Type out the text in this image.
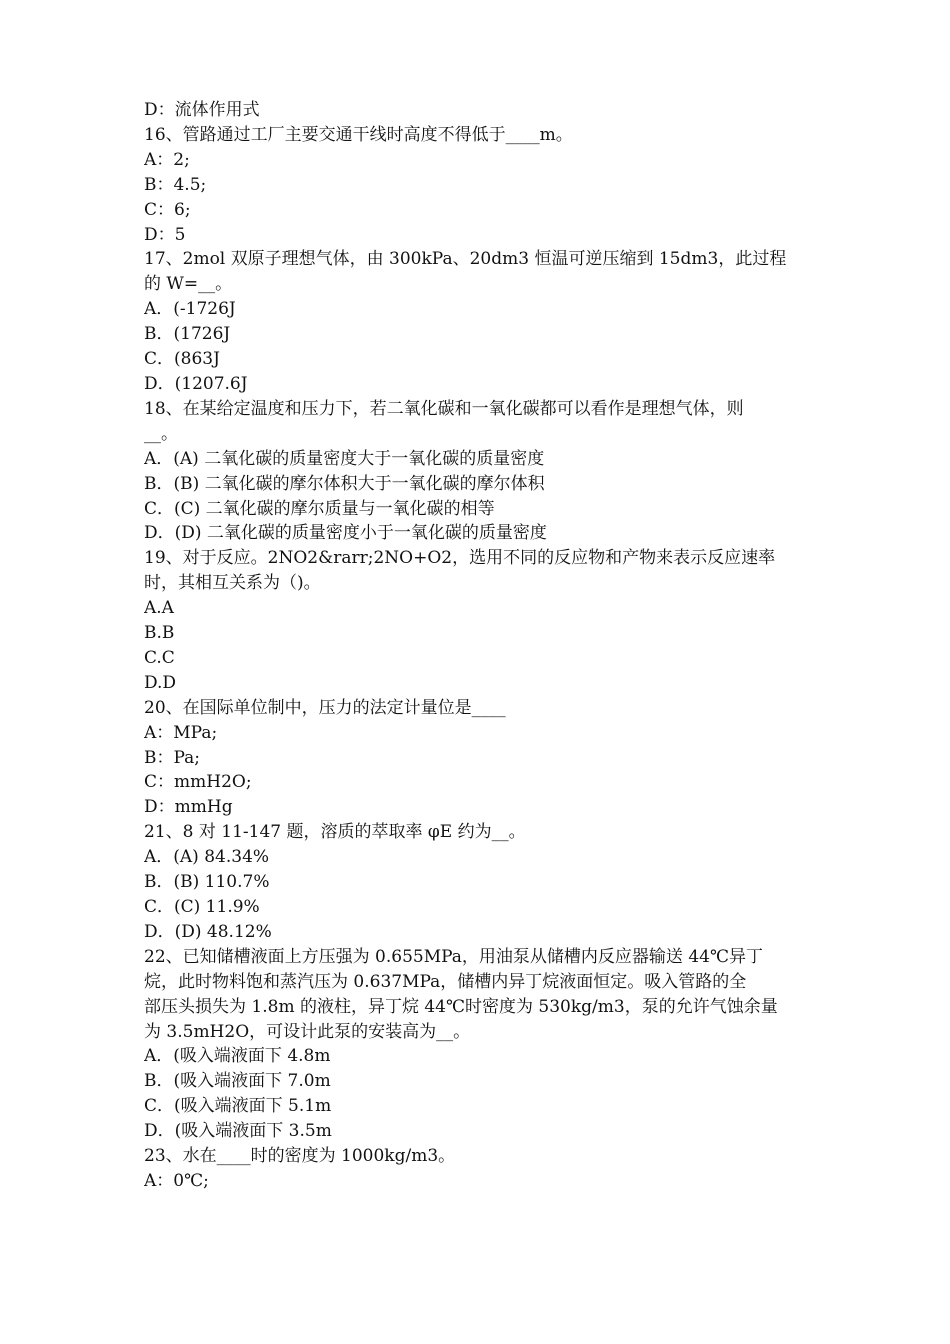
D：流体作用式

16、管路通过工厂主要交通干线时高度不得低于____m。

A：2;

B：4.5;

C：6;

D：5

17、2mol 双原子理想气体，由 300kPa、20dm3 恒温可逆压缩到 15dm3，此过程

的 W=__。

A．(-1726J

B．(1726J

C．(863J

D．(1207.6J

18、在某给定温度和压力下，若二氧化碳和一氧化碳都可以看作是理想气体，则

__。

A．(A) 二氧化碳的质量密度大于一氧化碳的质量密度

B．(B) 二氧化碳的摩尔体积大于一氧化碳的摩尔体积

C．(C) 二氧化碳的摩尔质量与一氧化碳的相等

D．(D) 二氧化碳的质量密度小于一氧化碳的质量密度

19、对于反应。2NO2&rarr;2NO+O2，选用不同的反应物和产物来表示反应速率

时，其相互关系为（)。

A.A

B.B

C.C

D.D

20、在国际单位制中，压力的法定计量位是____

A：MPa;

B：Pa;

C：mmH2O;

D：mmHg

21、8 对 11-147 题，溶质的萃取率 φE 约为__。

A．(A) 84.34%

B．(B) 110.7%

C．(C) 11.9%

D．(D) 48.12%

22、已知储槽液面上方压强为 0.655MPa，用油泵从储槽内反应器输送 44℃异丁

烷，此时物料饱和蒸汽压为 0.637MPa，储槽内异丁烷液面恒定。吸入管路的全

部压头损失为 1.8m 的液柱，异丁烷 44℃时密度为 530kg/m3，泵的允许气蚀余量

为 3.5mH2O，可设计此泵的安装高为__。

A．(吸入端液面下 4.8m

B．(吸入端液面下 7.0m

C．(吸入端液面下 5.1m

D．(吸入端液面下 3.5m

23、水在____时的密度为 1000kg/m3。

A：0℃;
